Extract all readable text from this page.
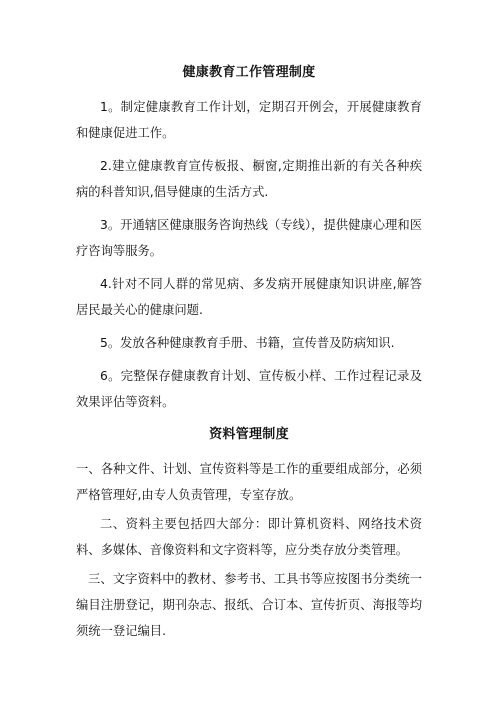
健康教育工作管理制度

1。制定健康教育工作计划，定期召开例会，开展健康教育和健康促进工作。

2.建立健康教育宣传板报、橱窗,定期推出新的有关各种疾病的科普知识,倡导健康的生活方式.

3。开通辖区健康服务咨询热线（专线），提供健康心理和医疗咨询等服务。

4.针对不同人群的常见病、多发病开展健康知识讲座,解答居民最关心的健康问题.

5。发放各种健康教育手册、书籍，宣传普及防病知识.

6。完整保存健康教育计划、宣传板小样、工作过程记录及效果评估等资料。

资料管理制度

一、各种文件、计划、宣传资料等是工作的重要组成部分，必须严格管理好,由专人负责管理，专室存放。

二、资料主要包括四大部分：即计算机资料、网络技术资料、多媒体、音像资料和文字资料等，应分类存放分类管理。

三、文字资料中的教材、参考书、工具书等应按图书分类统一编目注册登记，期刊杂志、报纸、合订本、宣传折页、海报等均须统一登记编目.
